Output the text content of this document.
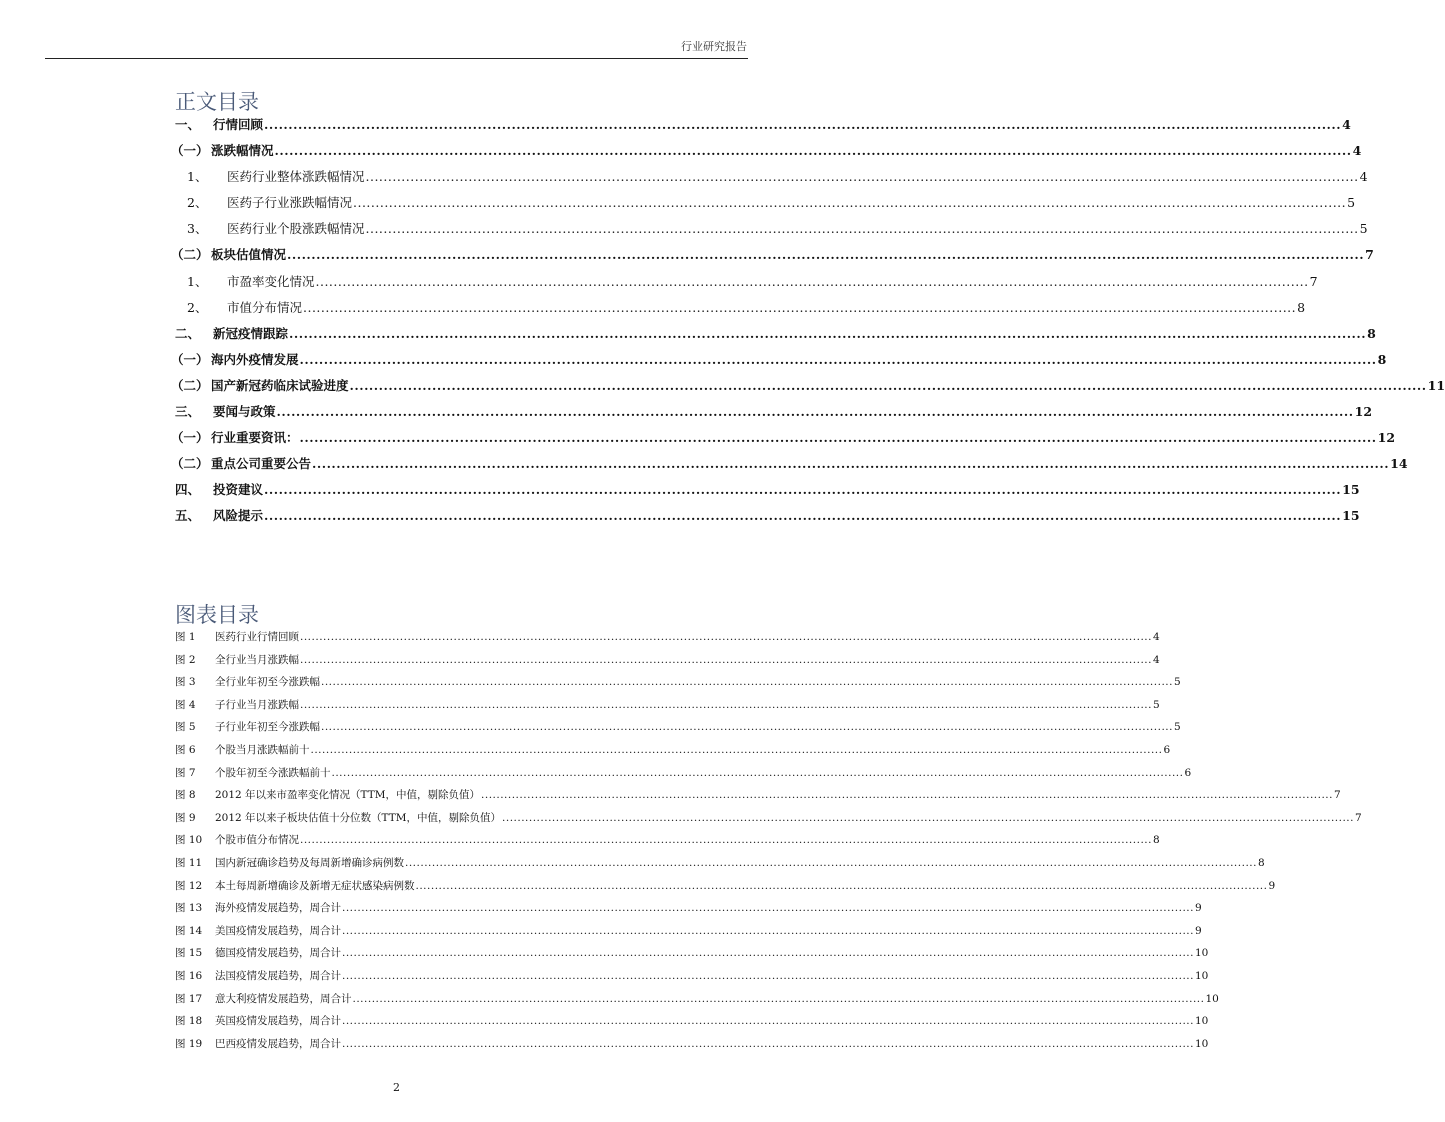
行业研究报告
正文目录
一、	行情回顾 .....	4
（一） 涨跌幅情况 .....	4
1、	医药行业整体涨跌幅情况 .....	4
2、	医药子行业涨跌幅情况 .....	5
3、	医药行业个股涨跌幅情况 .....	5
（二） 板块估值情况 .....	7
1、	市盈率变化情况 .....	7
2、	市值分布情况 .....	8
二、	新冠疫情跟踪 .....	8
（一） 海内外疫情发展 .....	8
（二） 国产新冠药临床试验进度 .....	11
三、	要闻与政策 .....	12
（一） 行业重要资讯： .....	12
（二） 重点公司重要公告 .....	14
四、	投资建议 .....	15
五、	风险提示 .....	15
图表目录
图 1	医药行业行情回顾 .....	4
图 2	全行业当月涨跌幅 .....	4
图 3	全行业年初至今涨跌幅 .....	5
图 4	子行业当月涨跌幅 .....	5
图 5	子行业年初至今涨跌幅 .....	5
图 6	个股当月涨跌幅前十 .....	6
图 7	个股年初至今涨跌幅前十 .....	6
图 8	2012 年以来市盈率变化情况（TTM，中值，剔除负值） .....	7
图 9	2012 年以来子板块估值十分位数（TTM，中值，剔除负值） .....	7
图 10	个股市值分布情况 .....	8
图 11	国内新冠确诊趋势及每周新增确诊病例数 .....	8
图 12	本土每周新增确诊及新增无症状感染病例数 .....	9
图 13	海外疫情发展趋势，周合计 .....	9
图 14	美国疫情发展趋势，周合计 .....	9
图 15	德国疫情发展趋势，周合计 .....	10
图 16	法国疫情发展趋势，周合计 .....	10
图 17	意大利疫情发展趋势，周合计 .....	10
图 18	英国疫情发展趋势，周合计 .....	10
图 19	巴西疫情发展趋势，周合计 .....	10
2
